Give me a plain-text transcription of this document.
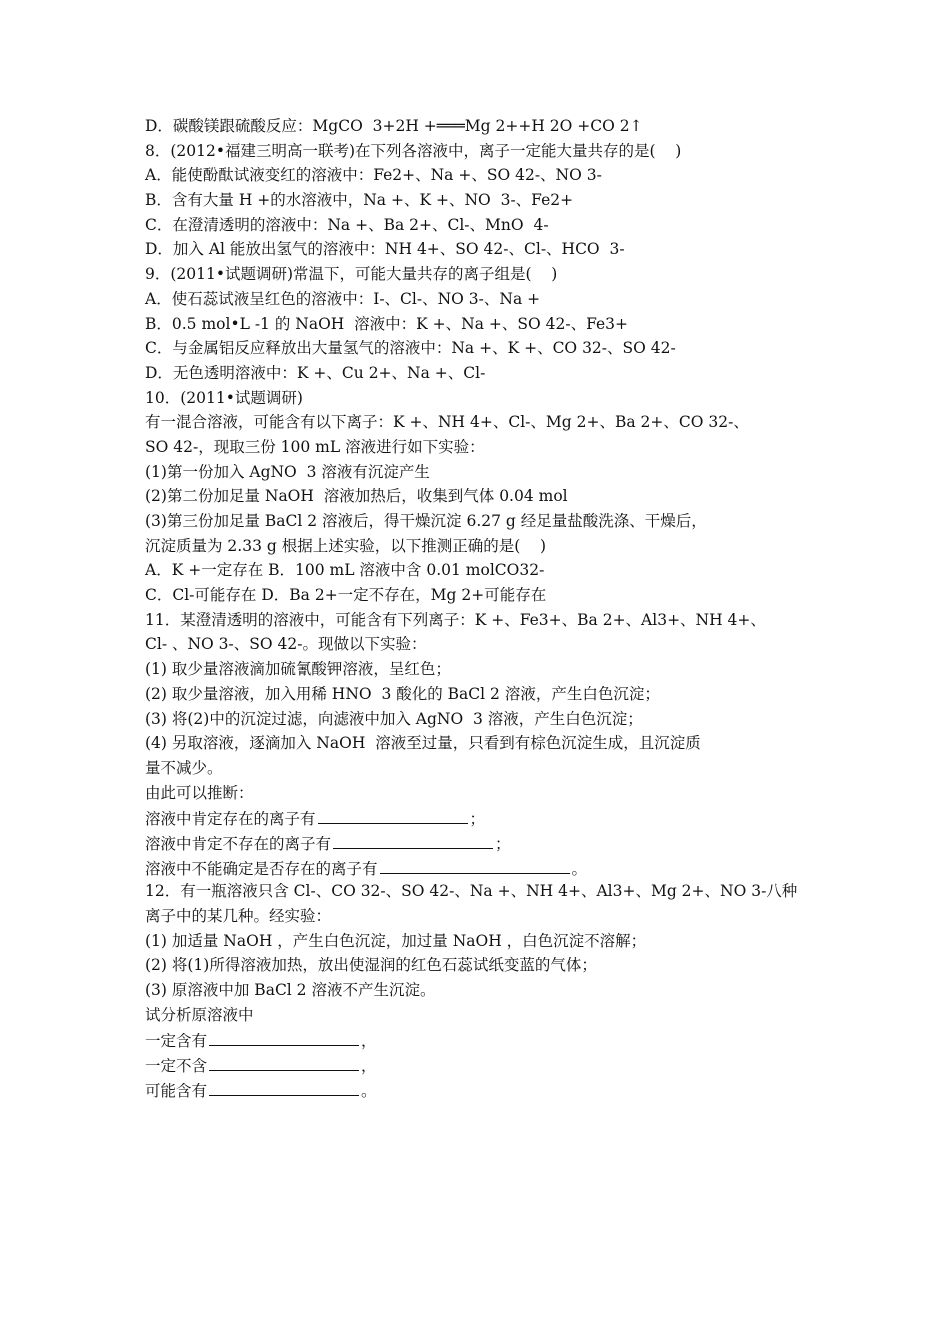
D．碳酸镁跟硫酸反应：MgCO  3+2H +═══Mg 2++H 2O +CO 2↑
8．(2012•福建三明高一联考)在下列各溶液中，离子一定能大量共存的是(    )
A．能使酚酞试液变红的溶液中：Fe2+、Na +、SO 42-、NO 3-
B．含有大量 H +的水溶液中，Na +、K +、NO  3-、Fe2+
C．在澄清透明的溶液中：Na +、Ba 2+、Cl-、MnO  4-
D．加入 Al 能放出氢气的溶液中：NH 4+、SO 42-、Cl-、HCO  3-
9．(2011•试题调研)常温下，可能大量共存的离子组是(    )
A．使石蕊试液呈红色的溶液中：I-、Cl-、NO 3-、Na +
B．0.5 mol•L -1 的 NaOH  溶液中：K +、Na +、SO 42-、Fe3+
C．与金属铝反应释放出大量氢气的溶液中：Na +、K +、CO 32-、SO 42-
D．无色透明溶液中：K +、Cu 2+、Na +、Cl-
10．(2011•试题调研)
有一混合溶液，可能含有以下离子：K +、NH 4+、Cl-、Mg 2+、Ba 2+、CO 32-、
SO 42-，现取三份 100 mL 溶液进行如下实验：
(1)第一份加入 AgNO  3 溶液有沉淀产生
(2)第二份加足量 NaOH  溶液加热后，收集到气体 0.04 mol
(3)第三份加足量 BaCl 2 溶液后，得干燥沉淀 6.27 g 经足量盐酸洗涤、干燥后，
沉淀质量为 2.33 g 根据上述实验，以下推测正确的是(    )
A．K +一定存在 B．100 mL 溶液中含 0.01 molCO32-
C．Cl-可能存在 D．Ba 2+一定不存在，Mg 2+可能存在
11．某澄清透明的溶液中，可能含有下列离子：K +、Fe3+、Ba 2+、Al3+、NH 4+、
Cl- 、NO 3-、SO 42-。现做以下实验：
(1) 取少量溶液滴加硫氰酸钾溶液，呈红色；
(2) 取少量溶液，加入用稀 HNO  3 酸化的 BaCl 2 溶液，产生白色沉淀；
(3) 将(2)中的沉淀过滤，向滤液中加入 AgNO  3 溶液，产生白色沉淀；
(4) 另取溶液，逐滴加入 NaOH  溶液至过量，只看到有棕色沉淀生成，且沉淀质
量不减少。
由此可以推断：
溶液中肯定存在的离子有	；
溶液中肯定不存在的离子有	；
溶液中不能确定是否存在的离子有	。
12．有一瓶溶液只含 Cl-、CO 32-、SO 42-、Na +、NH 4+、Al3+、Mg 2+、NO 3-八种
离子中的某几种。经实验：
(1) 加适量 NaOH ，产生白色沉淀，加过量 NaOH ，白色沉淀不溶解；
(2) 将(1)所得溶液加热，放出使湿润的红色石蕊试纸变蓝的气体；
(3) 原溶液中加 BaCl 2 溶液不产生沉淀。
试分析原溶液中
一定含有	，
一定不含	，
可能含有	。
